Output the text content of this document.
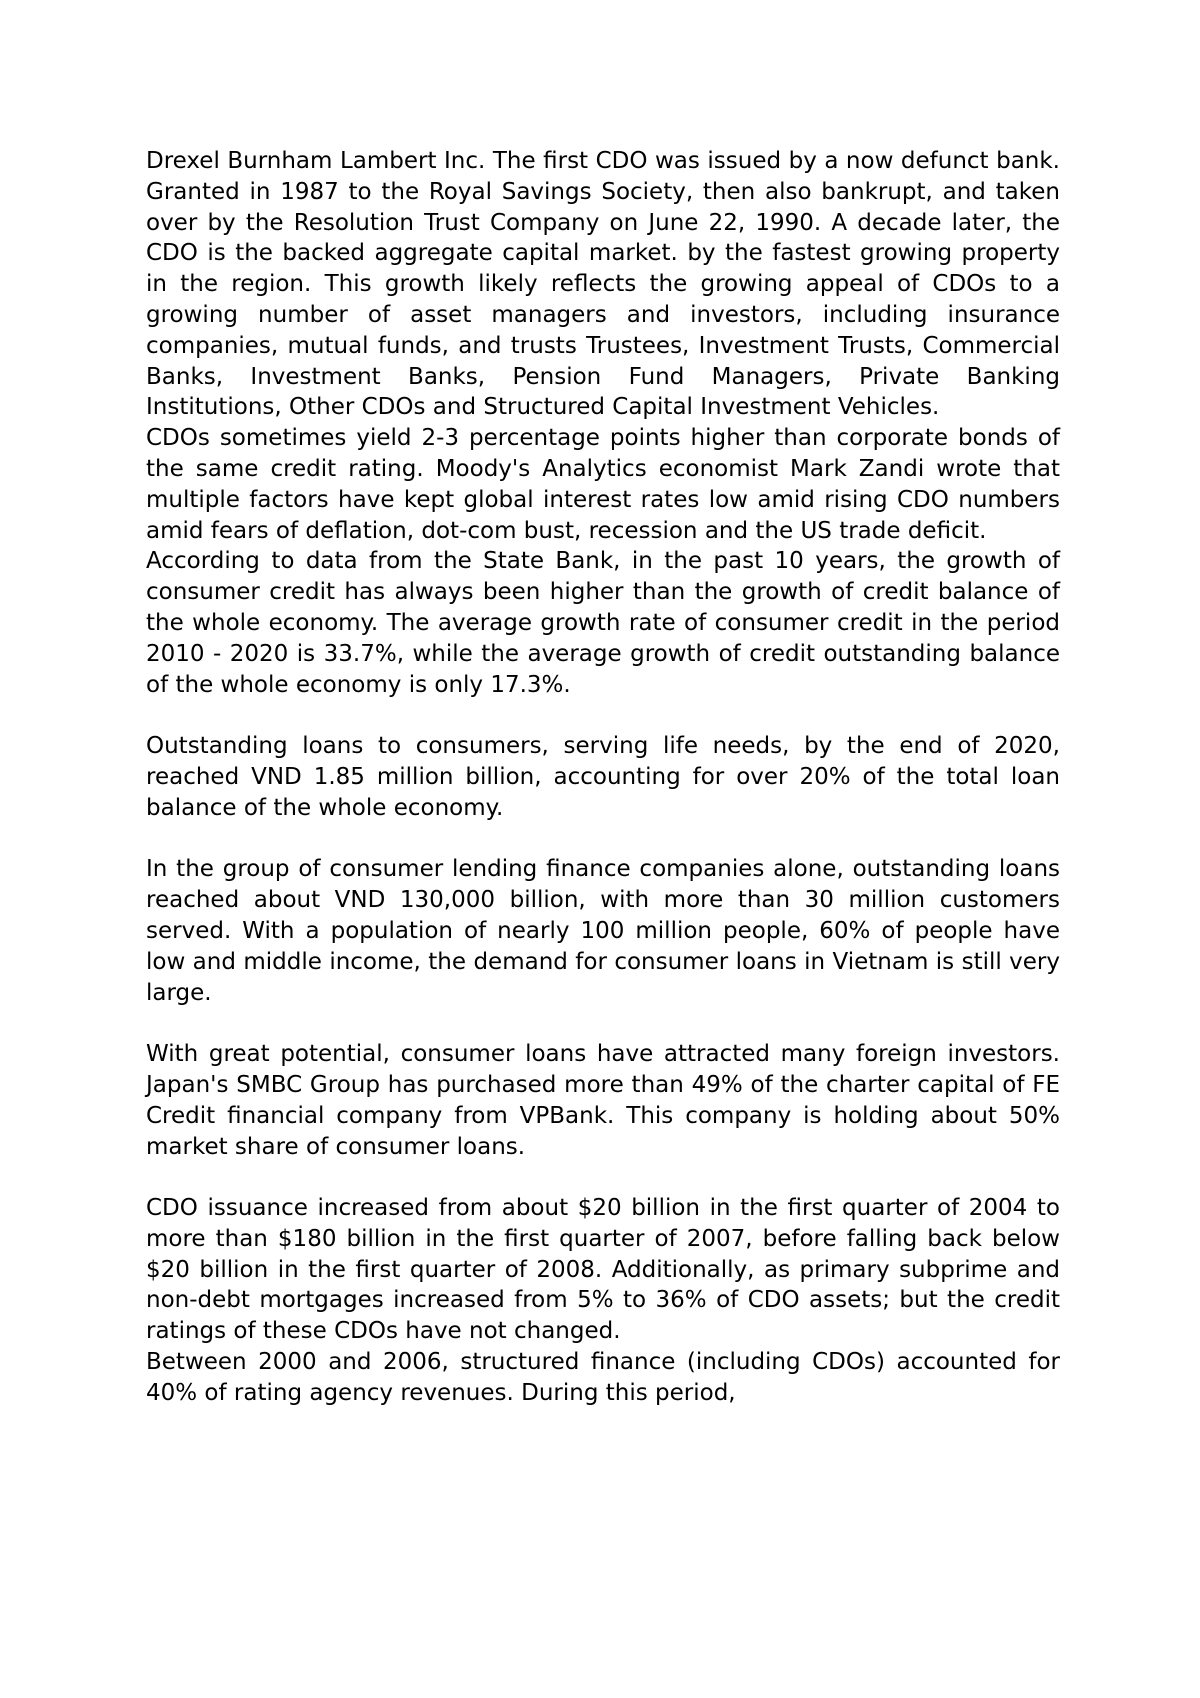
Drexel Burnham Lambert Inc. The first CDO was issued by a now defunct bank. Granted in 1987 to the Royal Savings Society, then also bankrupt, and taken over by the Resolution Trust Company on June 22, 1990. A decade later, the CDO is the backed aggregate capital market. by the fastest growing property in the region. This growth likely reflects the growing appeal of CDOs to a growing number of asset managers and investors, including insurance companies, mutual funds, and trusts Trustees, Investment Trusts, Commercial Banks, Investment Banks, Pension Fund Managers, Private Banking Institutions, Other CDOs and Structured Capital Investment Vehicles.

CDOs sometimes yield 2-3 percentage points higher than corporate bonds of the same credit rating. Moody's Analytics economist Mark Zandi wrote that multiple factors have kept global interest rates low amid rising CDO numbers amid fears of deflation, dot-com bust, recession and the US trade deficit.

According to data from the State Bank, in the past 10 years, the growth of consumer credit has always been higher than the growth of credit balance of the whole economy. The average growth rate of consumer credit in the period 2010 - 2020 is 33.7%, while the average growth of credit outstanding balance of the whole economy is only 17.3%.

Outstanding loans to consumers, serving life needs, by the end of 2020, reached VND 1.85 million billion, accounting for over 20% of the total loan balance of the whole economy.

In the group of consumer lending finance companies alone, outstanding loans reached about VND 130,000 billion, with more than 30 million customers served. With a population of nearly 100 million people, 60% of people have low and middle income, the demand for consumer loans in Vietnam is still very large.

With great potential, consumer loans have attracted many foreign investors. Japan's SMBC Group has purchased more than 49% of the charter capital of FE Credit financial company from VPBank. This company is holding about 50% market share of consumer loans.

CDO issuance increased from about $20 billion in the first quarter of 2004 to more than $180 billion in the first quarter of 2007, before falling back below $20 billion in the first quarter of 2008. Additionally, as primary subprime and non-debt mortgages increased from 5% to 36% of CDO assets; but the credit ratings of these CDOs have not changed.

Between 2000 and 2006, structured finance (including CDOs) accounted for 40% of rating agency revenues. During this period,
